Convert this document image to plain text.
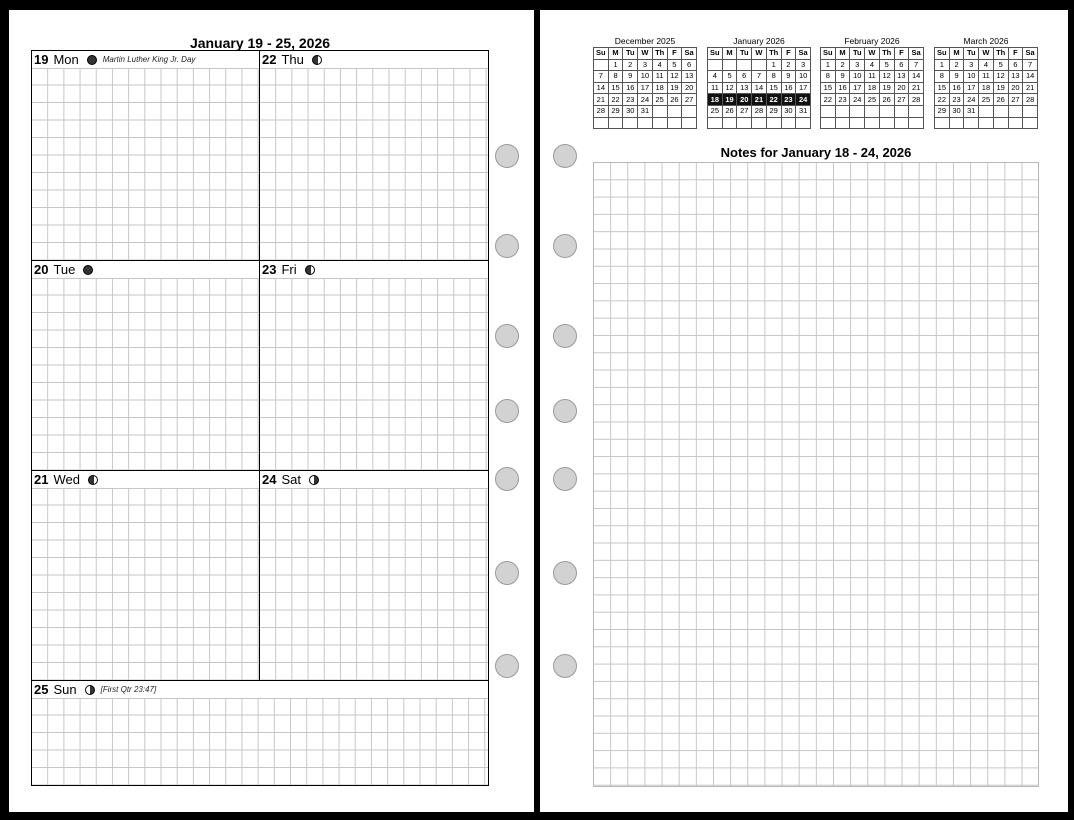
January 19 - 25, 2026
19 Mon	Martin Luther King Jr. Day	22 Thu
20 Tue	23 Fri
21 Wed	24 Sat
25 Sun	[First Qtr 23:47]
December 2025
Su	M	Tu	W	Th	F	Sa
	1	2	3	4	5	6
7	8	9	10	11	12	13
14	15	16	17	18	19	20
21	22	23	24	25	26	27
28	29	30	31			

January 2026
Su	M	Tu	W	Th	F	Sa
				1	2	3
4	5	6	7	8	9	10
11	12	13	14	15	16	17
18	19	20	21	22	23	24
25	26	27	28	29	30	31

February 2026
Su	M	Tu	W	Th	F	Sa
1	2	3	4	5	6	7
8	9	10	11	12	13	14
15	16	17	18	19	20	21
22	23	24	25	26	27	28

March 2026
Su	M	Tu	W	Th	F	Sa
1	2	3	4	5	6	7
8	9	10	11	12	13	14
15	16	17	18	19	20	21
22	23	24	25	26	27	28
29	30	31				

Notes for January 18 - 24, 2026
